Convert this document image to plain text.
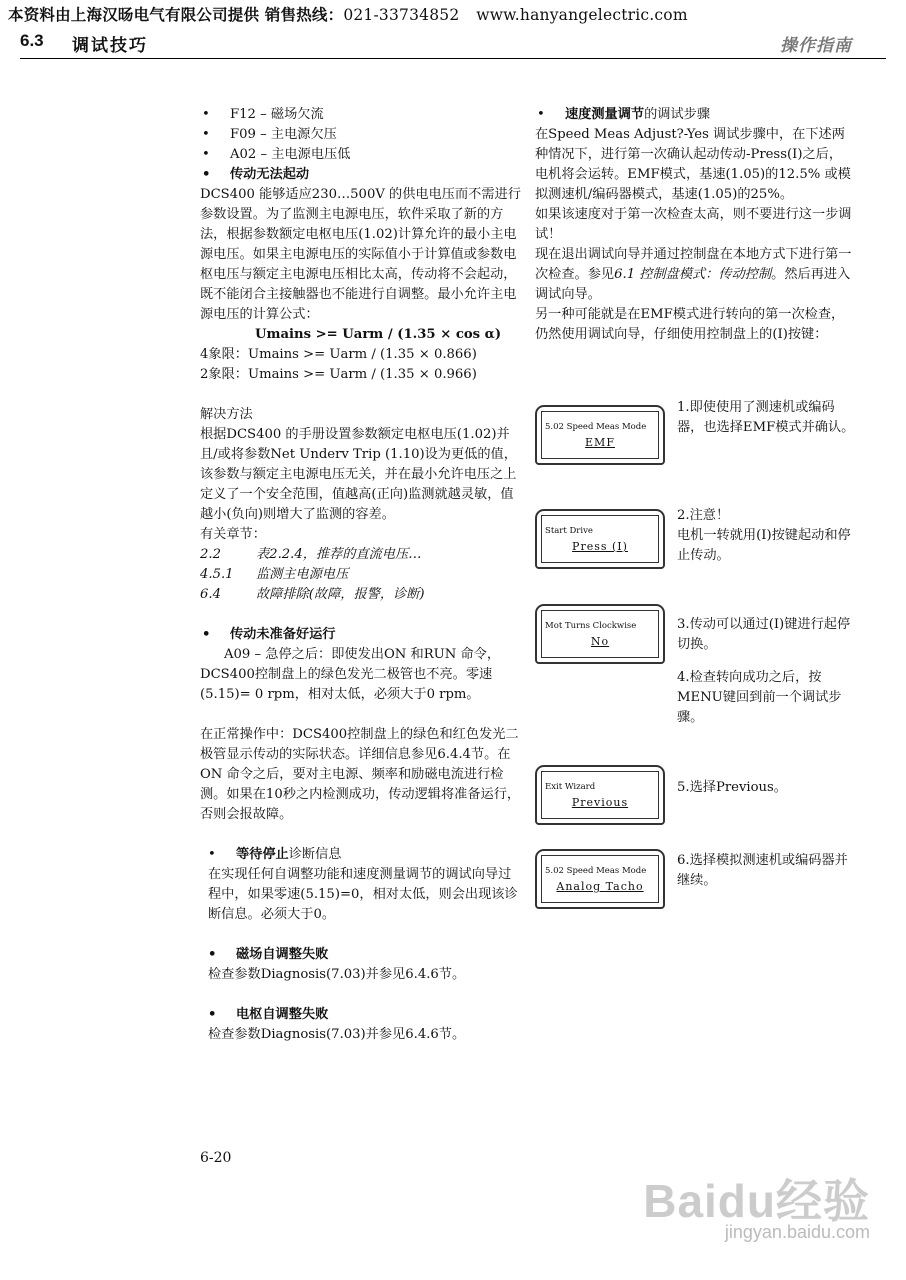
本资料由上海汉旸电气有限公司提供 销售热线：021-33734852 www.hanyangelectric.com
6.3 调试技巧	操作指南

• F12 – 磁场欠流

• F09 – 主电源欠压

• A02 – 主电源电压低

• 传动无法起动

DCS400 能够适应230…500V 的供电电压而不需进行参数设置。为了监测主电源电压，软件采取了新的方法，根据参数额定电枢电压(1.02)计算允许的最小主电源电压。如果主电源电压的实际值小于计算值或参数电枢电压与额定主电源电压相比太高，传动将不会起动，既不能闭合主接触器也不能进行自调整。最小允许主电源电压的计算公式：

Umains >= Uarm / (1.35 × cos α)

4象限：Umains >= Uarm / (1.35 × 0.866)

2象限：Umains >= Uarm / (1.35 × 0.966)

解决方法

根据DCS400 的手册设置参数额定电枢电压(1.02)并且/或将参数Net Underv Trip (1.10)设为更低的值，该参数与额定主电源电压无关，并在最小允许电压之上定义了一个安全范围，值越高(正向)监测就越灵敏，值越小(负向)则增大了监测的容差。

有关章节：

2.2	表2.2.4，推荐的直流电压…

4.5.1 监测主电源电压

6.4	故障排除(故障，报警，诊断)

• 传动未准备好运行

A09 – 急停之后：即使发出ON 和RUN 命令，DCS400控制盘上的绿色发光二极管也不亮。零速(5.15)= 0 rpm，相对太低，必须大于0 rpm。

在正常操作中：DCS400控制盘上的绿色和红色发光二极管显示传动的实际状态。详细信息参见6.4.4节。在ON 命令之后，要对主电源、频率和励磁电流进行检测。如果在10秒之内检测成功，传动逻辑将准备运行，否则会报故障。

• 等待停止诊断信息

在实现任何自调整功能和速度测量调节的调试向导过程中，如果零速(5.15)=0，相对太低，则会出现该诊断信息。必须大于0。

• 磁场自调整失败

检查参数Diagnosis(7.03)并参见6.4.6节。

• 电枢自调整失败

检查参数Diagnosis(7.03)并参见6.4.6节。

• 速度测量调节的调试步骤

在Speed Meas Adjust?-Yes 调试步骤中，在下述两种情况下，进行第一次确认起动传动-Press(I)之后，电机将会运转。EMF模式，基速(1.05)的12.5% 或模拟测速机/编码器模式，基速(1.05)的25%。

如果该速度对于第一次检查太高，则不要进行这一步调试！

现在退出调试向导并通过控制盘在本地方式下进行第一次检查。参见6.1 控制盘模式：传动控制。然后再进入调试向导。

另一种可能就是在EMF模式进行转向的第一次检查，仍然使用调试向导，仔细使用控制盘上的(I)按键：

5.02 Speed Meas Mode
EMF
Start Drive
Press (I)
Mot Turns Clockwise
No
Exit Wizard
Previous
5.02 Speed Meas Mode
Analog Tacho
1.即使使用了测速机或编码器，也选择EMF模式并确认。
2.注意！
电机一转就用(I)按键起动和停止传动。
3.传动可以通过(I)键进行起停切换。
4.检查转向成功之后，按MENU键回到前一个调试步骤。
5.选择Previous。
6.选择模拟测速机或编码器并继续。
6-20
Baidu经验
jingyan.baidu.com
